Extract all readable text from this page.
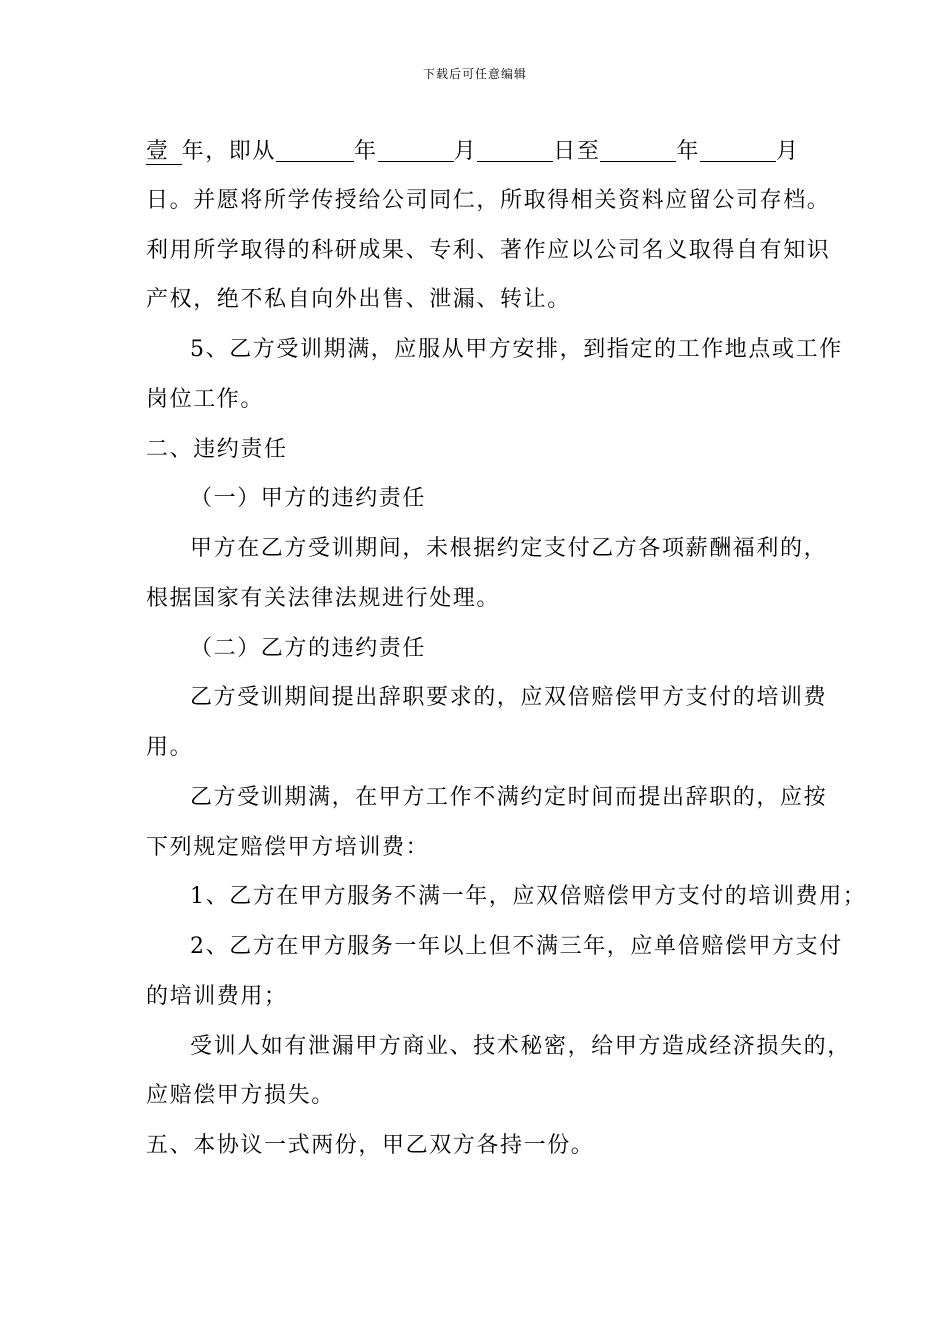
下载后可任意编辑
壹 年，即从	年	月	日至	年	月
日。并愿将所学传授给公司同仁，所取得相关资料应留公司存档。
利用所学取得的科研成果、专利、著作应以公司名义取得自有知识
产权，绝不私自向外出售、泄漏、转让。
5、乙方受训期满，应服从甲方安排，到指定的工作地点或工作
岗位工作。
二、违约责任
（一）甲方的违约责任
甲方在乙方受训期间，未根据约定支付乙方各项薪酬福利的，
根据国家有关法律法规进行处理。
（二）乙方的违约责任
乙方受训期间提出辞职要求的，应双倍赔偿甲方支付的培训费
用。
乙方受训期满，在甲方工作不满约定时间而提出辞职的，应按
下列规定赔偿甲方培训费：
1、乙方在甲方服务不满一年，应双倍赔偿甲方支付的培训费用；
2、乙方在甲方服务一年以上但不满三年，应单倍赔偿甲方支付
的培训费用；
受训人如有泄漏甲方商业、技术秘密，给甲方造成经济损失的，
应赔偿甲方损失。
五、本协议一式两份，甲乙双方各持一份。
